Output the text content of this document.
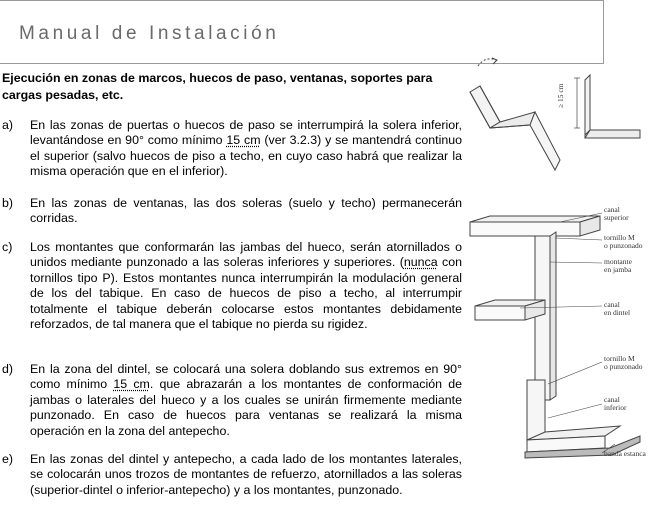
Manual de Instalación
Ejecución en zonas de marcos, huecos de paso, ventanas, soportes para cargas pesadas, etc.
a) En las zonas de puertas o huecos de paso se interrumpirá la solera inferior, levantándose en 90° como mínimo 15 cm (ver 3.2.3) y se mantendrá continuo el superior (salvo huecos de piso a techo, en cuyo caso habrá que realizar la misma operación que en el inferior).
b) En las zonas de ventanas, las dos soleras (suelo y techo) permanecerán corridas.
c) Los montantes que conformarán las jambas del hueco, serán atornillados o unidos mediante punzonado a las soleras inferiores y superiores. (nunca con tornillos tipo P). Estos montantes nunca interrumpirán la modulación general de los del tabique. En caso de huecos de piso a techo, al interrumpir totalmente el tabique deberán colocarse estos montantes debidamente reforzados, de tal manera que el tabique no pierda su rigidez.
d) En la zona del dintel, se colocará una solera doblando sus extremos en 90° como mínimo 15 cm. que abrazarán a los montantes de conformación de jambas o laterales del hueco y a los cuales se unirán firmemente mediante punzonado. En caso de huecos para ventanas se realizará la misma operación en la zona del antepecho.
e) En las zonas del dintel y antepecho, a cada lado de los montantes laterales, se colocarán unos trozos de montantes de refuerzo, atornillados a las soleras (superior-dintel o inferior-antepecho) y a los montantes, punzonado.
≥ 15 cm
canal
superior
tornillo M
o punzonado
montante
en jamba
canal
en dintel
tornillo M
o punzonado
canal
inferior
banda estanca
